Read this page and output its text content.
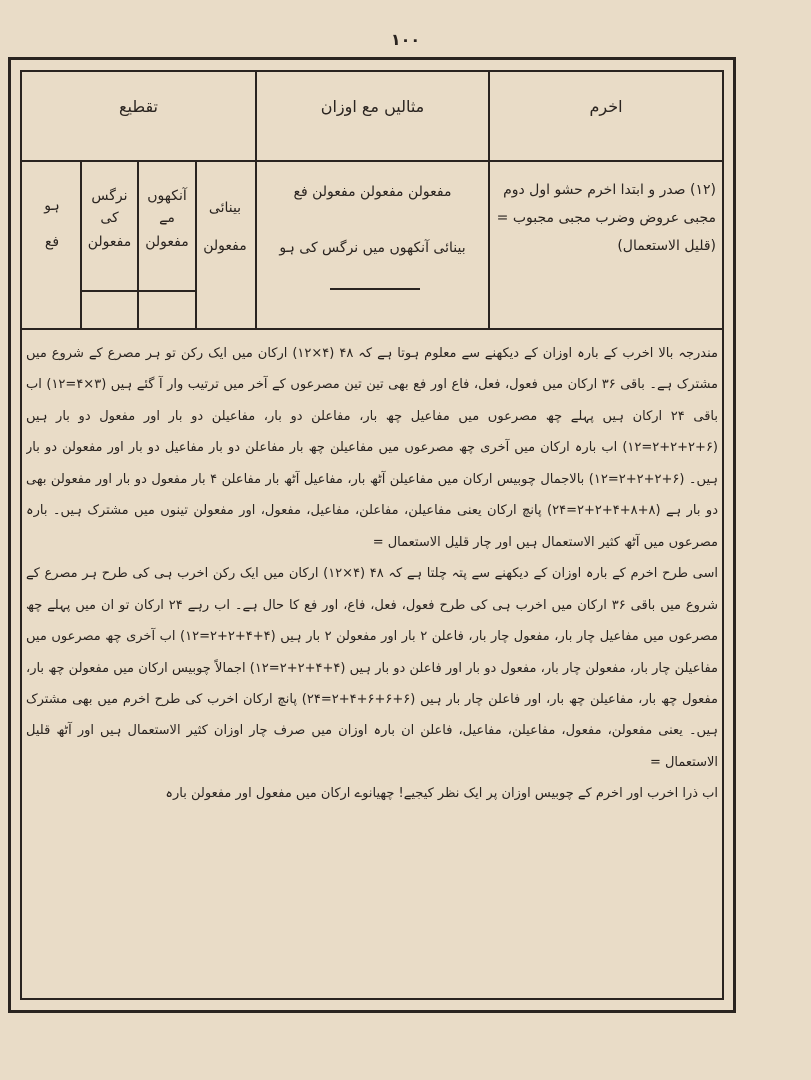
۱۰۰
اخرم
مثالیں مع اوزان
تقطیع
(۱۲) صدر و ابتدا اخرم حشو اول دوم مجبی عروض وضرب مجبی مجبوب = (قلیل الاستعمال)
مفعولن مفعولن مفعولن فع
بینائی آنکھوں میں نرگس کی ہو
بینائی
مفعولن
آنکھوں مے
مفعولن
نرگس کی
مفعولن
ہو
فع

مندرجہ بالا اخرب کے بارہ اوزان کے دیکھنے سے معلوم ہوتا ہے کہ ۴۸ (۴×۱۲) ارکان میں ایک رکن تو ہر مصرع کے شروع میں مشترک ہے۔ باقی ۳۶ ارکان میں فعول، فعل، فاع اور فع بھی تین تین مصرعوں کے آخر میں ترتیب وار آ گئے ہیں (۳×۴=۱۲) اب باقی ۲۴ ارکان ہیں پہلے چھ مصرعوں میں مفاعیل چھ بار، مفاعلن دو بار، مفاعیلن دو بار اور مفعول دو بار ہیں (۶+۲+۲+۲=۱۲) اب بارہ ارکان میں آخری چھ مصرعوں میں مفاعیلن چھ بار مفاعلن دو بار مفاعیل دو بار اور مفعولن دو بار ہیں۔ (۶+۲+۲+۲=۱۲) بالاجمال چوبیس ارکان میں مفاعیلن آٹھ بار، مفاعیل آٹھ بار مفاعلن ۴ بار مفعول دو بار اور مفعولن بھی دو بار ہے (۸+۸+۴+۲+۲=۲۴) پانچ ارکان یعنی مفاعیلن، مفاعلن، مفاعیل، مفعول، اور مفعولن تینوں میں مشترک ہیں۔ بارہ مصرعوں میں آٹھ کثیر الاستعمال ہیں اور چار قلیل الاستعمال =

اسی طرح اخرم کے بارہ اوزان کے دیکھنے سے پتہ چلتا ہے کہ ۴۸ (۴×۱۲) ارکان میں ایک رکن اخرب ہی کی طرح ہر مصرع کے شروع میں باقی ۳۶ ارکان میں اخرب ہی کی طرح فعول، فعل، فاع، اور فع کا حال ہے۔ اب رہے ۲۴ ارکان تو ان میں پہلے چھ مصرعوں میں مفاعیل چار بار، مفعول چار بار، فاعلن ۲ بار اور مفعولن ۲ بار ہیں (۴+۴+۲+۲=۱۲) اب آخری چھ مصرعوں میں مفاعیلن چار بار، مفعولن چار بار، مفعول دو بار اور فاعلن دو بار ہیں (۴+۴+۲+۲=۱۲) اجمالاً چوبیس ارکان میں مفعولن چھ بار، مفعول چھ بار، مفاعیلن چھ بار، اور فاعلن چار بار ہیں (۶+۶+۶+۴+۲=۲۴) پانچ ارکان اخرب کی طرح اخرم میں بھی مشترک ہیں۔ یعنی مفعولن، مفعول، مفاعیلن، مفاعیل، فاعلن ان بارہ اوزان میں صرف چار اوزان کثیر الاستعمال ہیں اور آٹھ قلیل الاستعمال =

اب ذرا اخرب اور اخرم کے چوبیس اوزان پر ایک نظر کیجیے! چھیانوے ارکان میں مفعول اور مفعولن بارہ
